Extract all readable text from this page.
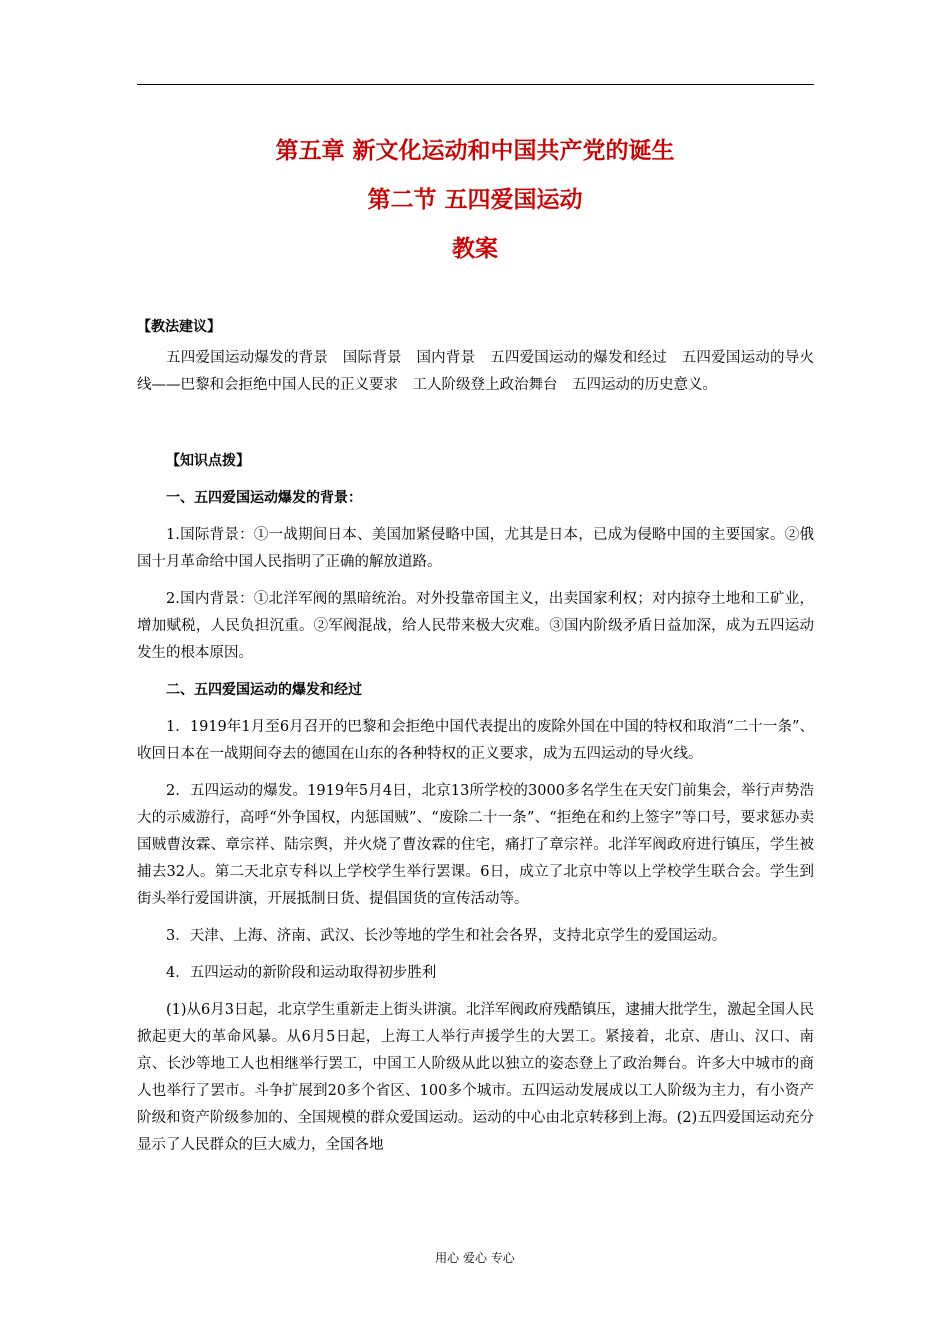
第五章 新文化运动和中国共产党的诞生
第二节 五四爱国运动
教案

【教法建议】

五四爱国运动爆发的背景　国际背景　国内背景　五四爱国运动的爆发和经过　五四爱国运动的导火线——巴黎和会拒绝中国人民的正义要求　工人阶级登上政治舞台　五四运动的历史意义。

【知识点拨】

一、五四爱国运动爆发的背景：

1.国际背景：①一战期间日本、美国加紧侵略中国，尤其是日本，已成为侵略中国的主要国家。②俄国十月革命给中国人民指明了正确的解放道路。

2.国内背景：①北洋军阀的黑暗统治。对外投靠帝国主义，出卖国家利权；对内掠夺土地和工矿业，增加赋税，人民负担沉重。②军阀混战，给人民带来极大灾难。③国内阶级矛盾日益加深，成为五四运动发生的根本原因。

二、五四爱国运动的爆发和经过

1．1919年1月至6月召开的巴黎和会拒绝中国代表提出的废除外国在中国的特权和取消“二十一条”、收回日本在一战期间夺去的德国在山东的各种特权的正义要求，成为五四运动的导火线。

2．五四运动的爆发。1919年5月4日，北京13所学校的3000多名学生在天安门前集会，举行声势浩大的示威游行，高呼“外争国权，内惩国贼”、“废除二十一条”、“拒绝在和约上签字”等口号，要求惩办卖国贼曹汝霖、章宗祥、陆宗舆，并火烧了曹汝霖的住宅，痛打了章宗祥。北洋军阀政府进行镇压，学生被捕去32人。第二天北京专科以上学校学生举行罢课。6日，成立了北京中等以上学校学生联合会。学生到街头举行爱国讲演，开展抵制日货、提倡国货的宣传活动等。

3．天津、上海、济南、武汉、长沙等地的学生和社会各界，支持北京学生的爱国运动。

4．五四运动的新阶段和运动取得初步胜利

(1)从6月3日起，北京学生重新走上街头讲演。北洋军阀政府残酷镇压，逮捕大批学生，激起全国人民掀起更大的革命风暴。从6月5日起，上海工人举行声援学生的大罢工。紧接着，北京、唐山、汉口、南京、长沙等地工人也相继举行罢工，中国工人阶级从此以独立的姿态登上了政治舞台。许多大中城市的商人也举行了罢市。斗争扩展到20多个省区、100多个城市。五四运动发展成以工人阶级为主力，有小资产阶级和资产阶级参加的、全国规模的群众爱国运动。运动的中心由北京转移到上海。(2)五四爱国运动充分显示了人民群众的巨大威力，全国各地

用心 爱心 专心
